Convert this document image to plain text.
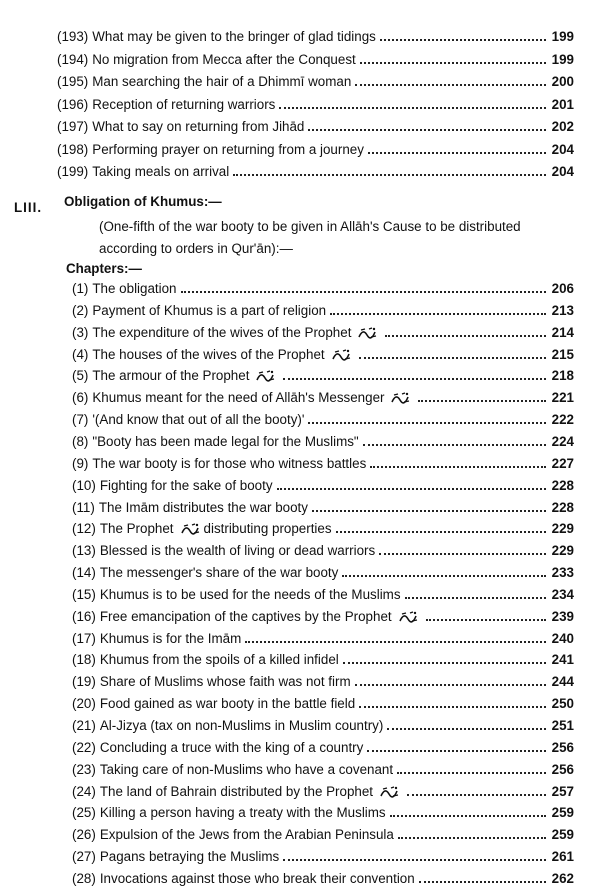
(193) What may be given to the bringer of glad tidings	199
(194) No migration from Mecca after the Conquest	199
(195) Man searching the hair of a Dhimmī woman	200
(196) Reception of returning warriors	201
(197) What to say on returning from Jihād	202
(198) Performing prayer on returning from a journey	204
(199) Taking meals on arrival	204
LIII. Obligation of Khumus:—
(One-fifth of the war booty to be given in Allāh's Cause to be distributed according to orders in Qur'ān):—
Chapters:—
(1) The obligation	206
(2) Payment of Khumus is a part of religion	213
(3) The expenditure of the wives of the Prophet	214
(4) The houses of the wives of the Prophet	215
(5) The armour of the Prophet	218
(6) Khumus meant for the need of Allāh's Messenger	221
(7) '(And know that out of all the booty)'	222
(8) "Booty has been made legal for the Muslims"	224
(9) The war booty is for those who witness battles	227
(10) Fighting for the sake of booty	228
(11) The Imām distributes the war booty	228
(12) The Prophet distributing properties	229
(13) Blessed is the wealth of living or dead warriors	229
(14) The messenger's share of the war booty	233
(15) Khumus is to be used for the needs of the Muslims	234
(16) Free emancipation of the captives by the Prophet	239
(17) Khumus is for the Imām	240
(18) Khumus from the spoils of a killed infidel	241
(19) Share of Muslims whose faith was not firm	244
(20) Food gained as war booty in the battle field	250
(21) Al-Jizya (tax on non-Muslims in Muslim country)	251
(22) Concluding a truce with the king of a country	256
(23) Taking care of non-Muslims who have a covenant	256
(24) The land of Bahrain distributed by the Prophet	257
(25) Killing a person having a treaty with the Muslims	259
(26) Expulsion of the Jews from the Arabian Peninsula	259
(27) Pagans betraying the Muslims	261
(28) Invocations against those who break their convention	262
